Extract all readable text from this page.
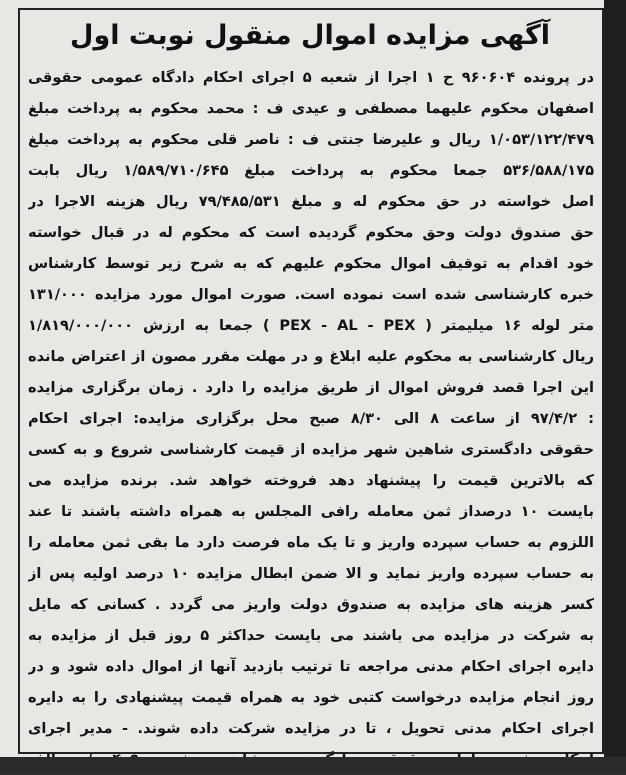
آگهی مزایده اموال منقول نوبت اول
در پرونده ۹۶۰۶۰۴ ح ۱ اجرا از شعبه ۵ اجرای احکام دادگاه عمومی حقوقی
اصفهان محکوم علیهما مصطفی و عیدی ف : محمد محکوم به پرداخت مبلغ
۱/۰۵۳/۱۲۲/۴۷۹ ریال و علیرضا جنتی ف : ناصر قلی محکوم به پرداخت مبلغ
۵۳۶/۵۸۸/۱۷۵ جمعا محکوم به پرداخت مبلغ ۱/۵۸۹/۷۱۰/۶۴۵ ریال بابت
اصل خواسته در حق محکوم له و مبلغ ۷۹/۴۸۵/۵۳۱ ریال هزینه الاجرا در
حق صندوق دولت وحق محکوم گردیده است که محکوم له در قبال خواسته
خود اقدام به توقیف اموال محکوم علیهم که به شرح زیر توسط کارشناس
خبره کارشناسی شده است نموده است. صورت اموال مورد مزایده ۱۳۱/۰۰۰
متر لوله ۱۶ میلیمتر ( PEX - AL - PEX ) جمعا به ارزش ۱/۸۱۹/۰۰۰/۰۰۰
ریال کارشناسی به محکوم علیه ابلاغ و در مهلت مقرر مصون از اعتراض مانده
این اجرا قصد فروش اموال از طریق مزایده را دارد . زمان برگزاری مزایده
: ۹۷/۴/۲ از ساعت ۸ الی ۸/۳۰ صبح محل برگزاری مزایده: اجرای احکام
حقوقی دادگستری شاهین شهر مزایده از قیمت کارشناسی شروع و به کسی
که بالاترین قیمت را پیشنهاد دهد فروخته خواهد شد. برنده مزایده می
بایست ۱۰ درصداز ثمن معامله رافی المجلس به همراه داشته باشند تا عند
اللزوم به حساب سپرده واریز و تا یک ماه فرصت دارد ما بقی ثمن معامله را
به حساب سپرده واریز نماید و الا ضمن ابطال مزایده ۱۰ درصد اولیه پس از
کسر هزینه های مزایده به صندوق دولت واریز می گردد . کسانی که مایل
به شرکت در مزایده می باشند می بایست حداکثر ۵ روز قبل از مزایده به
دایره اجرای احکام مدنی مراجعه تا ترتیب بازدید آنها از اموال داده شود و در
روز انجام مزایده درخواست کتبی خود به همراه قیمت پیشنهادی را به دایره
اجرای احکام مدنی تحویل ، تا در مزایده شرکت داده شوند. - مدیر اجرای
